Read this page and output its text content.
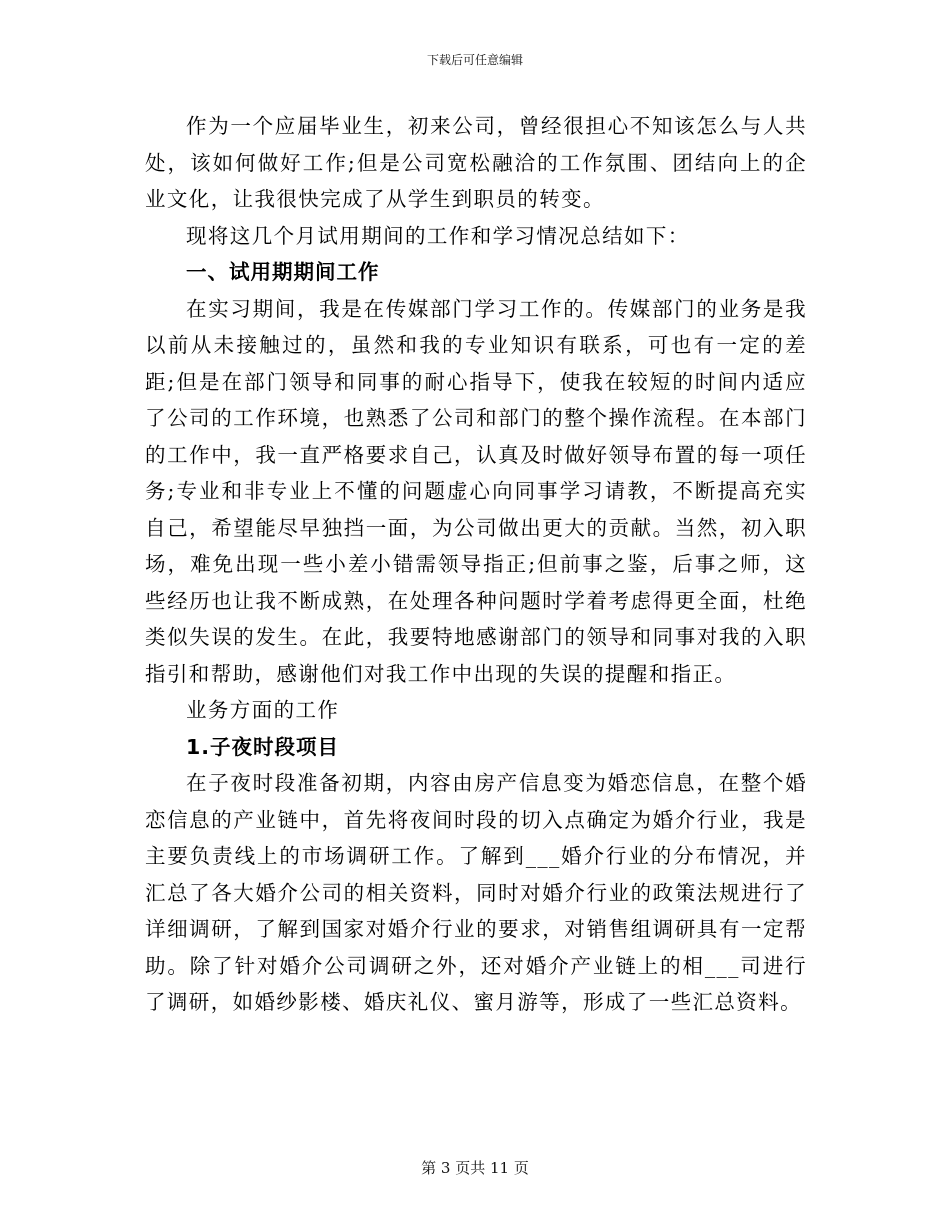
下载后可任意编辑

作为一个应届毕业生，初来公司，曾经很担心不知该怎么与人共处，该如何做好工作;但是公司宽松融洽的工作氛围、团结向上的企业文化，让我很快完成了从学生到职员的转变。

现将这几个月试用期间的工作和学习情况总结如下：

一、试用期期间工作

在实习期间，我是在传媒部门学习工作的。传媒部门的业务是我以前从未接触过的，虽然和我的专业知识有联系，可也有一定的差距;但是在部门领导和同事的耐心指导下，使我在较短的时间内适应了公司的工作环境，也熟悉了公司和部门的整个操作流程。在本部门的工作中，我一直严格要求自己，认真及时做好领导布置的每一项任务;专业和非专业上不懂的问题虚心向同事学习请教，不断提高充实自己，希望能尽早独挡一面，为公司做出更大的贡献。当然，初入职场，难免出现一些小差小错需领导指正;但前事之鉴，后事之师，这些经历也让我不断成熟，在处理各种问题时学着考虑得更全面，杜绝类似失误的发生。在此，我要特地感谢部门的领导和同事对我的入职指引和帮助，感谢他们对我工作中出现的失误的提醒和指正。

业务方面的工作

1.子夜时段项目

在子夜时段准备初期，内容由房产信息变为婚恋信息，在整个婚恋信息的产业链中，首先将夜间时段的切入点确定为婚介行业，我是主要负责线上的市场调研工作。了解到___婚介行业的分布情况，并汇总了各大婚介公司的相关资料，同时对婚介行业的政策法规进行了详细调研，了解到国家对婚介行业的要求，对销售组调研具有一定帮助。除了针对婚介公司调研之外，还对婚介产业链上的相___司进行了调研，如婚纱影楼、婚庆礼仪、蜜月游等，形成了一些汇总资料。

第 3 页共 11 页
